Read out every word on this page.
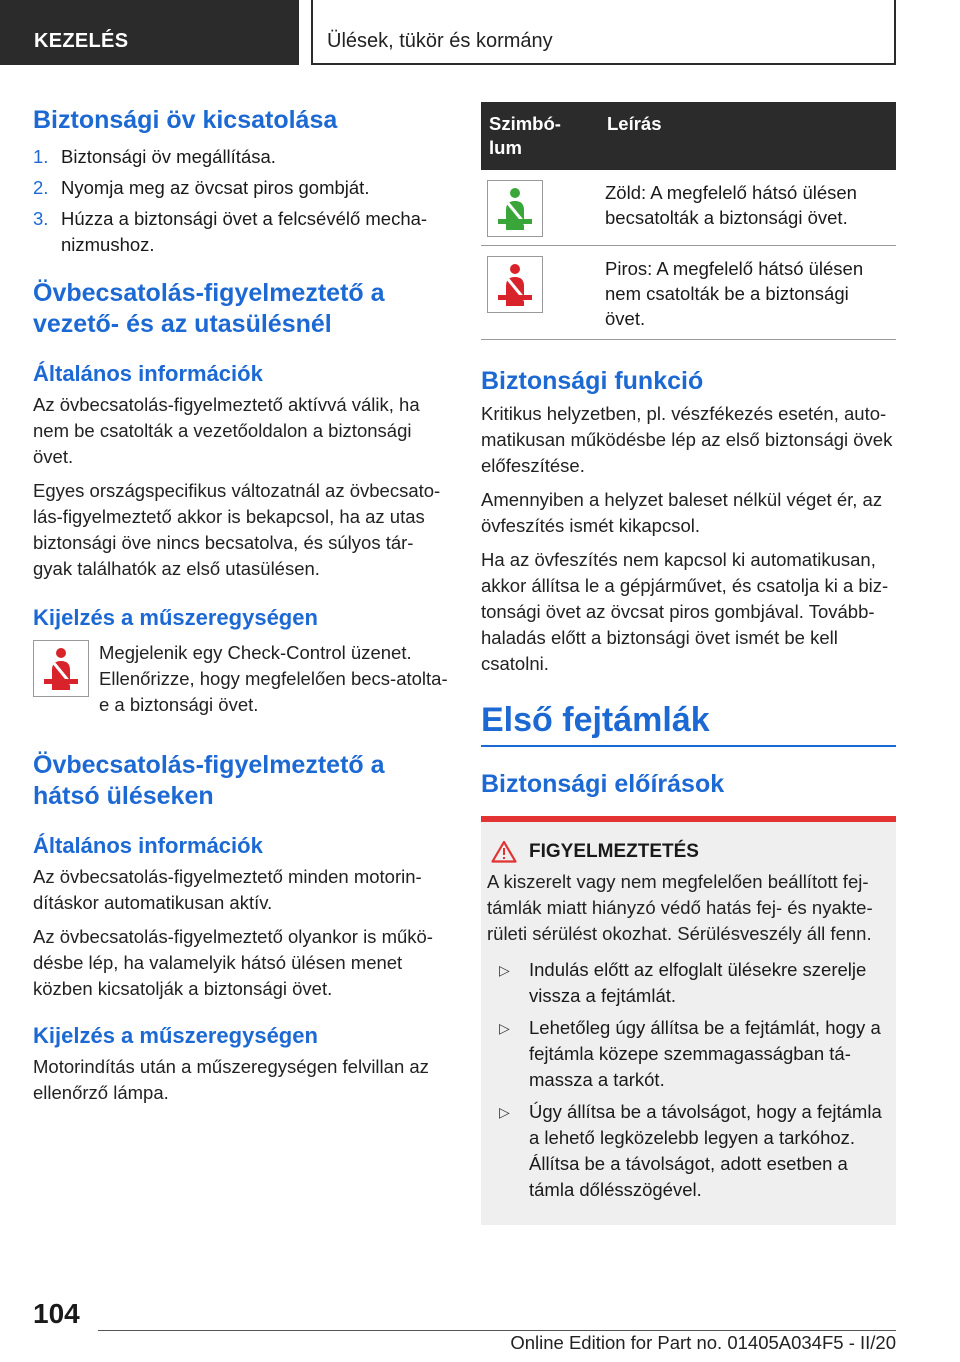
KEZELÉS	Ülések, tükör és kormány
Biztonsági öv kicsatolása
1. Biztonsági öv megállítása.
2. Nyomja meg az övcsat piros gombját.
3. Húzza a biztonsági övet a felcsévélő mecha‐nizmushoz.
Övbecsatolás-figyelmeztető a vezető- és az utasülésnél
Általános információk

Az övbecsatolás-figyelmeztető aktívvá válik, ha nem be csatolták a vezetőoldalon a biztonsági övet.

Egyes országspecifikus változatnál az övbecsato‐lás-figyelmeztető akkor is bekapcsol, ha az utas biztonsági öve nincs becsatolva, és súlyos tár‐gyak találhatók az első utasülésen.

Kijelzés a műszeregységen

Megjelenik egy Check-Control üzenet. Ellenőrizze, hogy megfelelően becs‐atolta-e a biztonsági övet.

Övbecsatolás-figyelmeztető a hátsó üléseken
Általános információk

Az övbecsatolás-figyelmeztető minden motorin‐dításkor automatikusan aktív.

Az övbecsatolás-figyelmeztető olyankor is műkö‐désbe lép, ha valamelyik hátsó ülésen menet közben kicsatolják a biztonsági övet.

Kijelzés a műszeregységen

Motorindítás után a műszeregységen felvillan az ellenőrző lámpa.

Szimbó‐lum	Leírás

	Zöld: A megfelelő hátsó ülésen becsatolták a biztonsági övet.

	Piros: A megfelelő hátsó ülésen nem csatolták be a biztonsági övet.
Biztonsági funkció

Kritikus helyzetben, pl. vészfékezés esetén, auto‐matikusan működésbe lép az első biztonsági övek előfeszítése.

Amennyiben a helyzet baleset nélkül véget ér, az övfeszítés ismét kikapcsol.

Ha az övfeszítés nem kapcsol ki automatikusan, akkor állítsa le a gépjárművet, és csatolja ki a biz‐tonsági övet az övcsat piros gombjával. Tovább‐haladás előtt a biztonsági övet ismét be kell csatolni.

Első fejtámlák
Biztonsági előírások
FIGYELMEZTETÉS

A kiszerelt vagy nem megfelelően beállított fej‐támlák miatt hiányzó védő hatás fej- és nyakte‐rületi sérülést okozhat. Sérülésveszély áll fenn.

▷ Indulás előtt az elfoglalt ülésekre szerelje vissza a fejtámlát.
▷ Lehetőleg úgy állítsa be a fejtámlát, hogy a fejtámla közepe szemmagasságban tá‐massza a tarkót.
▷ Úgy állítsa be a távolságot, hogy a fejtámla a lehető legközelebb legyen a tarkóhoz. Állítsa be a távolságot, adott esetben a támla dőlésszögével.
104
Online Edition for Part no. 01405A034F5 - II/20
